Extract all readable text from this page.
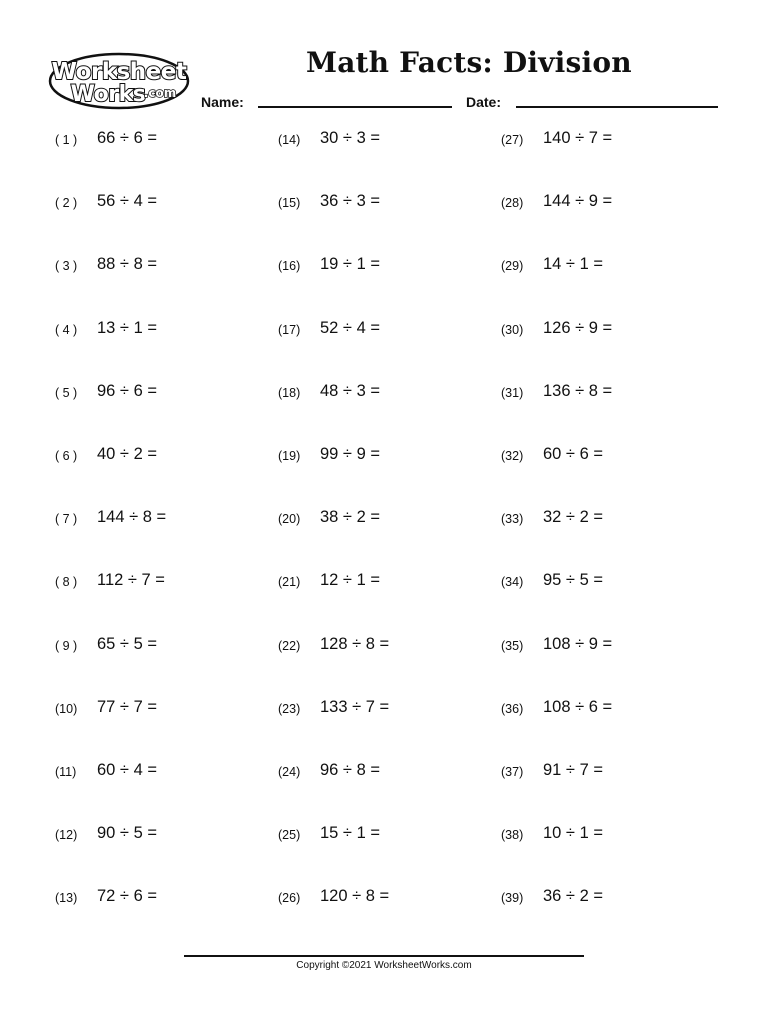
Worksheet
Works
.com
Math Facts: Division
Name:	Date:
( 1 ) 66 ÷ 6 =
( 2 ) 56 ÷ 4 =
( 3 ) 88 ÷ 8 =
( 4 ) 13 ÷ 1 =
( 5 ) 96 ÷ 6 =
( 6 ) 40 ÷ 2 =
( 7 ) 144 ÷ 8 =
( 8 ) 112 ÷ 7 =
( 9 ) 65 ÷ 5 =
(10) 77 ÷ 7 =
(11) 60 ÷ 4 =
(12) 90 ÷ 5 =
(13) 72 ÷ 6 =
(14) 30 ÷ 3 =
(15) 36 ÷ 3 =
(16) 19 ÷ 1 =
(17) 52 ÷ 4 =
(18) 48 ÷ 3 =
(19) 99 ÷ 9 =
(20) 38 ÷ 2 =
(21) 12 ÷ 1 =
(22) 128 ÷ 8 =
(23) 133 ÷ 7 =
(24) 96 ÷ 8 =
(25) 15 ÷ 1 =
(26) 120 ÷ 8 =
(27) 140 ÷ 7 =
(28) 144 ÷ 9 =
(29) 14 ÷ 1 =
(30) 126 ÷ 9 =
(31) 136 ÷ 8 =
(32) 60 ÷ 6 =
(33) 32 ÷ 2 =
(34) 95 ÷ 5 =
(35) 108 ÷ 9 =
(36) 108 ÷ 6 =
(37) 91 ÷ 7 =
(38) 10 ÷ 1 =
(39) 36 ÷ 2 =
Copyright ©2021 WorksheetWorks.com
